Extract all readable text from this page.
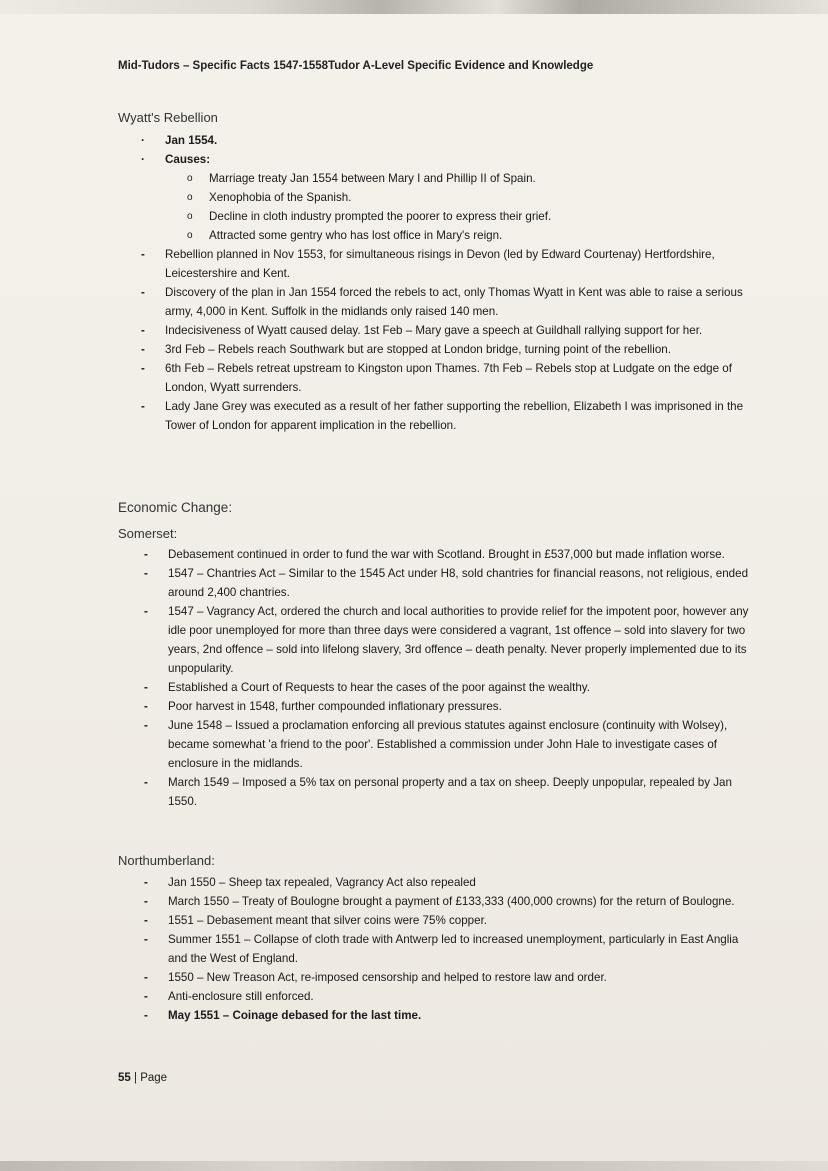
Mid-Tudors – Specific Facts 1547-1558Tudor A-Level Specific Evidence and Knowledge
Wyatt's Rebellion
· Jan 1554.
· Causes:
o Marriage treaty Jan 1554 between Mary I and Phillip II of Spain.
o Xenophobia of the Spanish.
o Decline in cloth industry prompted the poorer to express their grief.
o Attracted some gentry who has lost office in Mary's reign.
- Rebellion planned in Nov 1553, for simultaneous risings in Devon (led by Edward Courtenay) Hertfordshire, Leicestershire and Kent.
- Discovery of the plan in Jan 1554 forced the rebels to act, only Thomas Wyatt in Kent was able to raise a serious army, 4,000 in Kent. Suffolk in the midlands only raised 140 men.
- Indecisiveness of Wyatt caused delay. 1st Feb – Mary gave a speech at Guildhall rallying support for her.
- 3rd Feb – Rebels reach Southwark but are stopped at London bridge, turning point of the rebellion.
- 6th Feb – Rebels retreat upstream to Kingston upon Thames. 7th Feb – Rebels stop at Ludgate on the edge of London, Wyatt surrenders.
- Lady Jane Grey was executed as a result of her father supporting the rebellion, Elizabeth I was imprisoned in the Tower of London for apparent implication in the rebellion.
Economic Change:
Somerset:
- Debasement continued in order to fund the war with Scotland. Brought in £537,000 but made inflation worse.
- 1547 – Chantries Act – Similar to the 1545 Act under H8, sold chantries for financial reasons, not religious, ended around 2,400 chantries.
- 1547 – Vagrancy Act, ordered the church and local authorities to provide relief for the impotent poor, however any idle poor unemployed for more than three days were considered a vagrant, 1st offence – sold into slavery for two years, 2nd offence – sold into lifelong slavery, 3rd offence – death penalty. Never properly implemented due to its unpopularity.
- Established a Court of Requests to hear the cases of the poor against the wealthy.
- Poor harvest in 1548, further compounded inflationary pressures.
- June 1548 – Issued a proclamation enforcing all previous statutes against enclosure (continuity with Wolsey), became somewhat 'a friend to the poor'. Established a commission under John Hale to investigate cases of enclosure in the midlands.
- March 1549 – Imposed a 5% tax on personal property and a tax on sheep. Deeply unpopular, repealed by Jan 1550.
Northumberland:
- Jan 1550 – Sheep tax repealed, Vagrancy Act also repealed
- March 1550 – Treaty of Boulogne brought a payment of £133,333 (400,000 crowns) for the return of Boulogne.
- 1551 – Debasement meant that silver coins were 75% copper.
- Summer 1551 – Collapse of cloth trade with Antwerp led to increased unemployment, particularly in East Anglia and the West of England.
- 1550 – New Treason Act, re-imposed censorship and helped to restore law and order.
- Anti-enclosure still enforced.
- May 1551 – Coinage debased for the last time.
55 | Page
